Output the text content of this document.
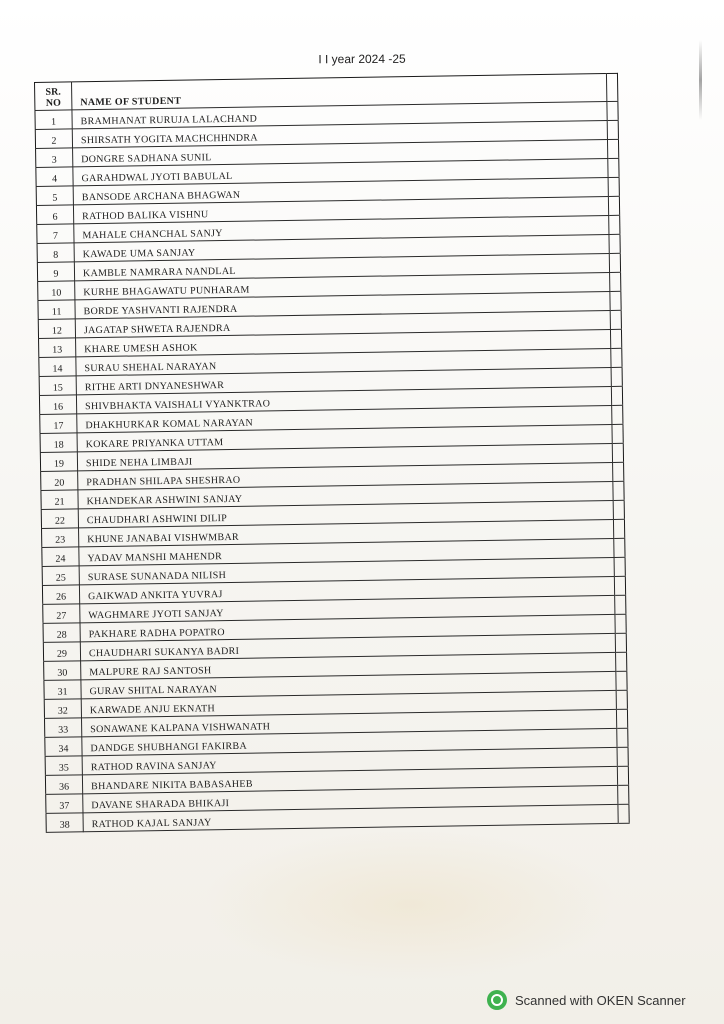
I I year 2024 -25
SR.
NO	NAME OF STUDENT	
1	BRAMHANAT RURUJA LALACHAND	
2	SHIRSATH YOGITA MACHCHHNDRA	
3	DONGRE SADHANA SUNIL	
4	GARAHDWAL JYOTI BABULAL	
5	BANSODE ARCHANA BHAGWAN	
6	RATHOD BALIKA VISHNU	
7	MAHALE CHANCHAL SANJY	
8	KAWADE UMA SANJAY	
9	KAMBLE NAMRARA NANDLAL	
10	KURHE BHAGAWATU PUNHARAM	
11	BORDE YASHVANTI RAJENDRA	
12	JAGATAP SHWETA RAJENDRA	
13	KHARE UMESH ASHOK	
14	SURAU SHEHAL NARAYAN	
15	RITHE ARTI DNYANESHWAR	
16	SHIVBHAKTA VAISHALI VYANKTRAO	
17	DHAKHURKAR KOMAL NARAYAN	
18	KOKARE PRIYANKA UTTAM	
19	SHIDE NEHA LIMBAJI	
20	PRADHAN SHILAPA SHESHRAO	
21	KHANDEKAR ASHWINI SANJAY	
22	CHAUDHARI ASHWINI DILIP	
23	KHUNE JANABAI VISHWMBAR	
24	YADAV MANSHI MAHENDR	
25	SURASE SUNANADA NILISH	
26	GAIKWAD ANKITA YUVRAJ	
27	WAGHMARE JYOTI SANJAY	
28	PAKHARE RADHA POPATRO	
29	CHAUDHARI SUKANYA BADRI	
30	MALPURE RAJ SANTOSH	
31	GURAV SHITAL NARAYAN	
32	KARWADE ANJU EKNATH	
33	SONAWANE KALPANA VISHWANATH	
34	DANDGE SHUBHANGI FAKIRBA	
35	RATHOD RAVINA SANJAY	
36	BHANDARE NIKITA BABASAHEB	
37	DAVANE SHARADA BHIKAJI	
38	RATHOD KAJAL SANJAY	
Scanned with OKEN Scanner
